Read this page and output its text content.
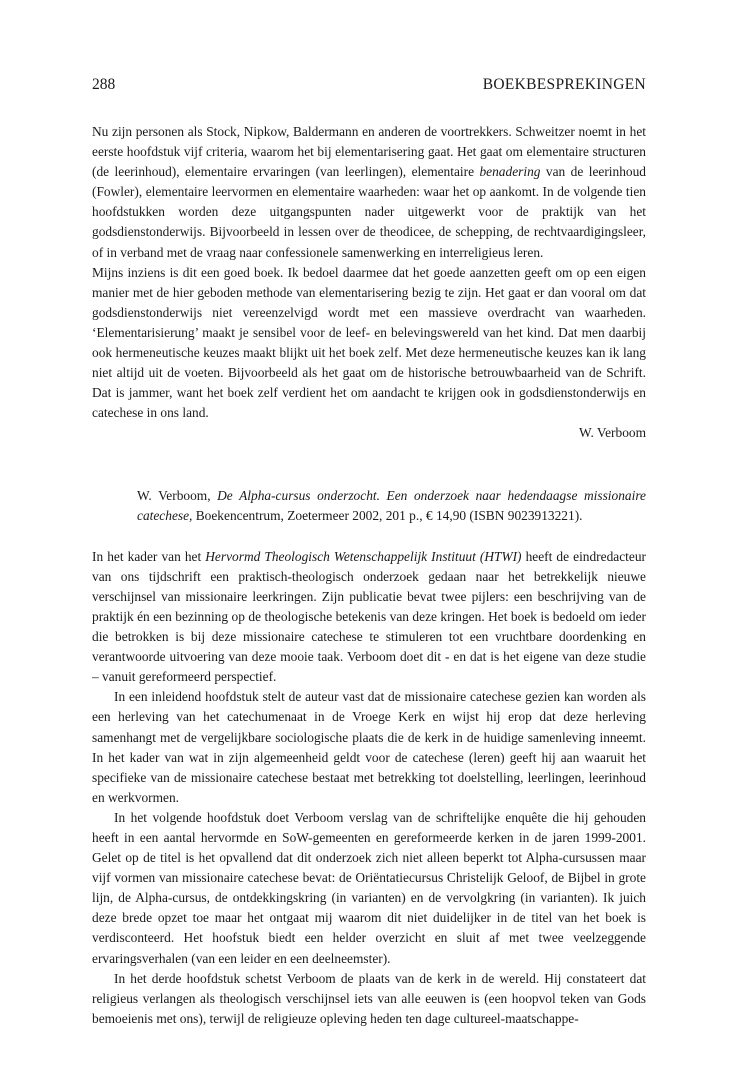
288	BOEKBESPREKINGEN

Nu zijn personen als Stock, Nipkow, Baldermann en anderen de voortrekkers. Schweitzer noemt in het eerste hoofdstuk vijf criteria, waarom het bij elementarisering gaat. Het gaat om elementaire structuren (de leerinhoud), elementaire ervaringen (van leerlingen), elementaire benadering van de leerinhoud (Fowler), elementaire leervormen en elementaire waarheden: waar het op aankomt. In de volgende tien hoofdstukken worden deze uitgangspunten nader uitgewerkt voor de praktijk van het godsdienstonderwijs. Bijvoorbeeld in lessen over de theodicee, de schepping, de rechtvaardigingsleer, of in verband met de vraag naar confessionele samenwerking en interreligieus leren.

Mijns inziens is dit een goed boek. Ik bedoel daarmee dat het goede aanzetten geeft om op een eigen manier met de hier geboden methode van elementarisering bezig te zijn. Het gaat er dan vooral om dat godsdienstonderwijs niet vereenzelvigd wordt met een massieve overdracht van waarheden. ‘Elementarisierung’ maakt je sensibel voor de leef- en belevingswereld van het kind. Dat men daarbij ook hermeneutische keuzes maakt blijkt uit het boek zelf. Met deze hermeneutische keuzes kan ik lang niet altijd uit de voeten. Bijvoorbeeld als het gaat om de historische betrouwbaarheid van de Schrift. Dat is jammer, want het boek zelf verdient het om aandacht te krijgen ook in godsdienstonderwijs en catechese in ons land.

W. Verboom
W. Verboom, De Alpha-cursus onderzocht. Een onderzoek naar hedendaagse missionaire catechese, Boekencentrum, Zoetermeer 2002, 201 p., € 14,90 (ISBN 9023913221).

In het kader van het Hervormd Theologisch Wetenschappelijk Instituut (HTWI) heeft de eindredacteur van ons tijdschrift een praktisch-theologisch onderzoek gedaan naar het betrekkelijk nieuwe verschijnsel van missionaire leerkringen. Zijn publicatie bevat twee pijlers: een beschrijving van de praktijk én een bezinning op de theologische betekenis van deze kringen. Het boek is bedoeld om ieder die betrokken is bij deze missionaire catechese te stimuleren tot een vruchtbare doordenking en verantwoorde uitvoering van deze mooie taak. Verboom doet dit - en dat is het eigene van deze studie – vanuit gereformeerd perspectief.

In een inleidend hoofdstuk stelt de auteur vast dat de missionaire catechese gezien kan worden als een herleving van het catechumenaat in de Vroege Kerk en wijst hij erop dat deze herleving samenhangt met de vergelijkbare sociologische plaats die de kerk in de huidige samenleving inneemt. In het kader van wat in zijn algemeenheid geldt voor de catechese (leren) geeft hij aan waaruit het specifieke van de missionaire catechese bestaat met betrekking tot doelstelling, leerlingen, leerinhoud en werkvormen.

In het volgende hoofdstuk doet Verboom verslag van de schriftelijke enquête die hij gehouden heeft in een aantal hervormde en SoW-gemeenten en gereformeerde kerken in de jaren 1999-2001. Gelet op de titel is het opvallend dat dit onderzoek zich niet alleen beperkt tot Alpha-cursussen maar vijf vormen van missionaire catechese bevat: de Oriëntatiecursus Christelijk Geloof, de Bijbel in grote lijn, de Alpha-cursus, de ontdekkingskring (in varianten) en de vervolgkring (in varianten). Ik juich deze brede opzet toe maar het ontgaat mij waarom dit niet duidelijker in de titel van het boek is verdisconteerd. Het hoofstuk biedt een helder overzicht en sluit af met twee veelzeggende ervaringsverhalen (van een leider en een deelneemster).

In het derde hoofdstuk schetst Verboom de plaats van de kerk in de wereld. Hij constateert dat religieus verlangen als theologisch verschijnsel iets van alle eeuwen is (een hoopvol teken van Gods bemoeienis met ons), terwijl de religieuze opleving heden ten dage cultureel-maatschappe-
